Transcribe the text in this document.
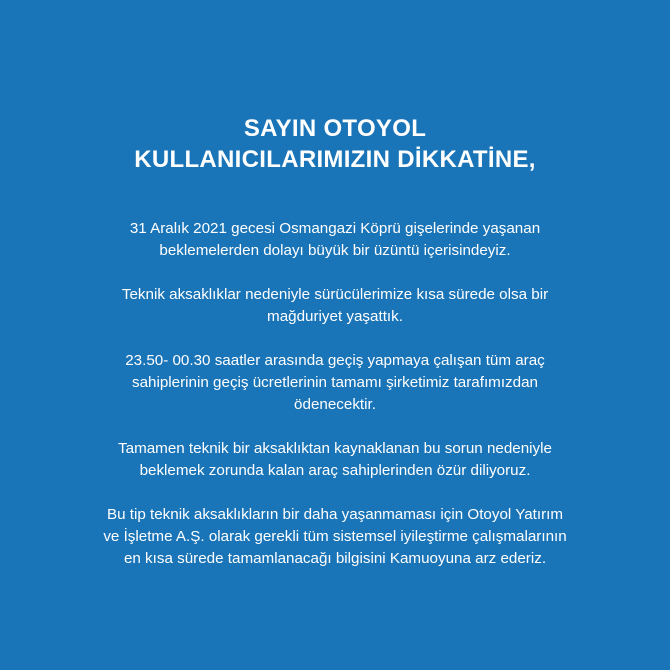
SAYIN OTOYOL
KULLANICILARIMIZIN DİKKATİNE,

31 Aralık 2021 gecesi Osmangazi Köprü gişelerinde yaşanan
beklemelerden dolayı büyük bir üzüntü içerisindeyiz.

Teknik aksaklıklar nedeniyle sürücülerimize kısa sürede olsa bir
mağduriyet yaşattık.

23.50- 00.30 saatler arasında geçiş yapmaya çalışan tüm araç
sahiplerinin geçiş ücretlerinin tamamı şirketimiz tarafımızdan
ödenecektir.

Tamamen teknik bir aksaklıktan kaynaklanan bu sorun nedeniyle
beklemek zorunda kalan araç sahiplerinden özür diliyoruz.

Bu tip teknik aksaklıkların bir daha yaşanmaması için Otoyol Yatırım
ve İşletme A.Ş. olarak gerekli tüm sistemsel iyileştirme çalışmalarının
en kısa sürede tamamlanacağı bilgisini Kamuoyuna arz ederiz.
